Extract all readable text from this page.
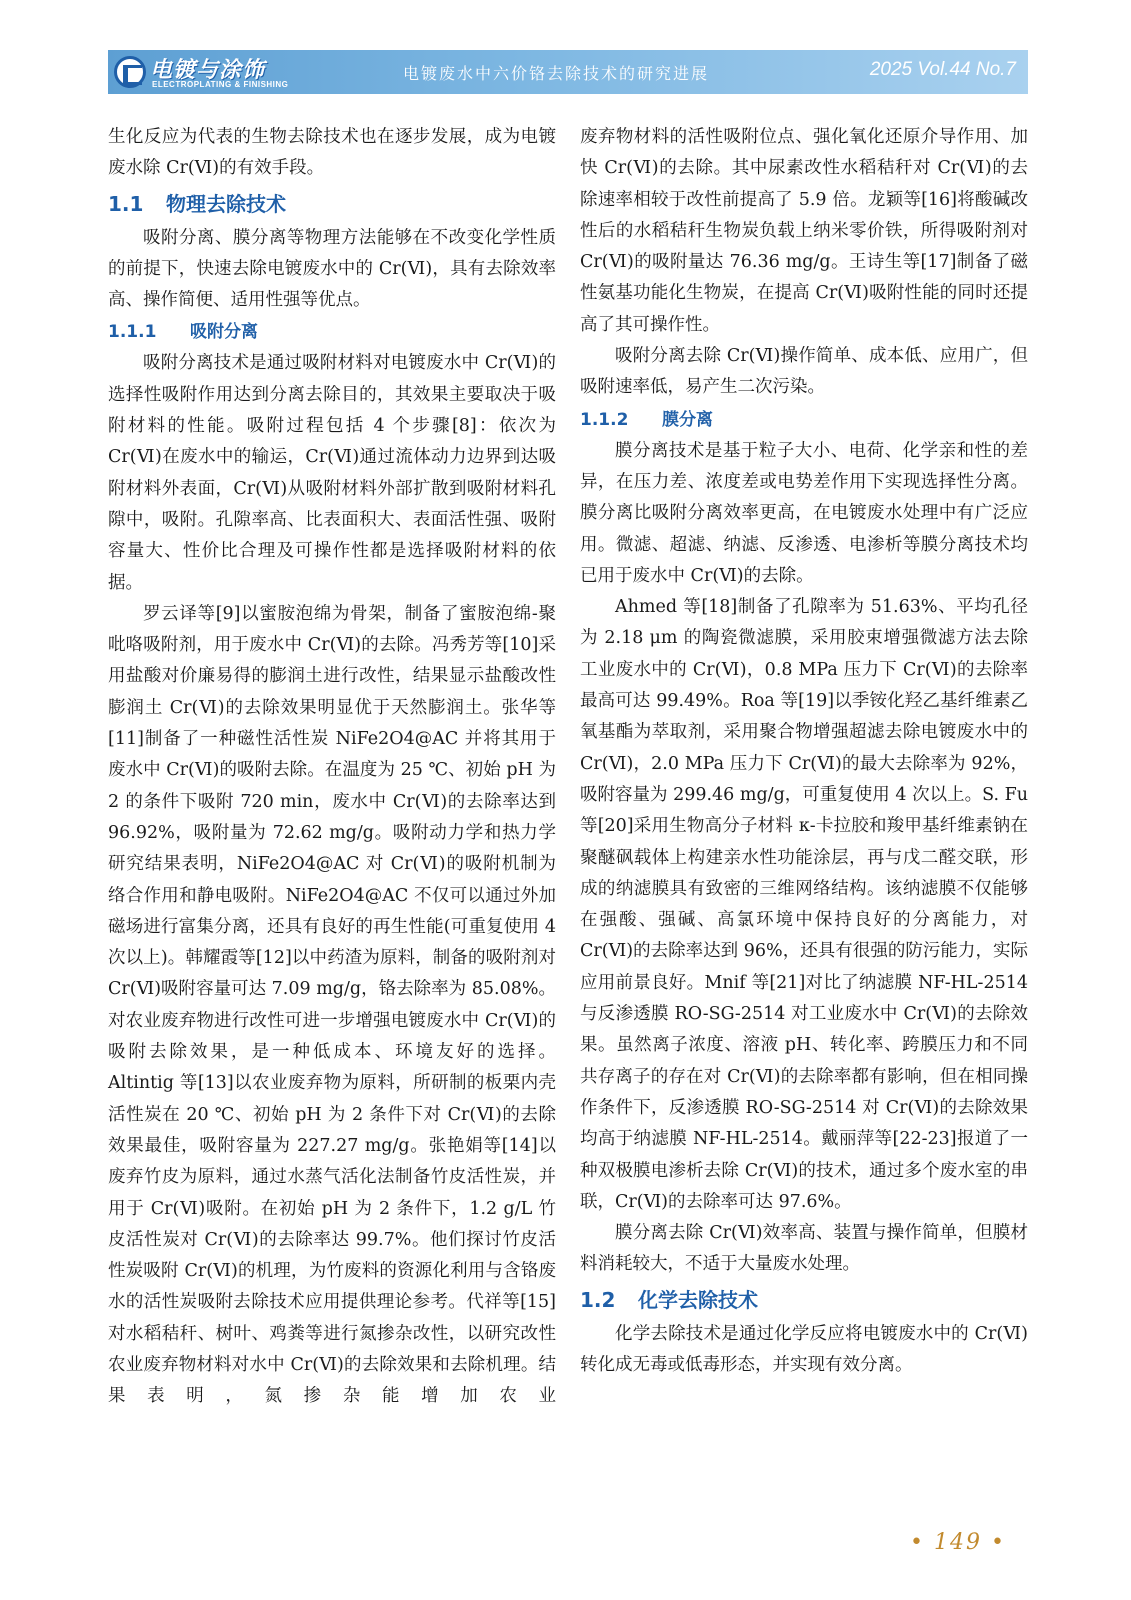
电镀与涂饰
ELECTROPLATING & FINISHING
电镀废水中六价铬去除技术的研究进展	2025 Vol.44 No.7

生化反应为代表的生物去除技术也在逐步发展，成为电镀废水除 Cr(Ⅵ)的有效手段。

1.1 物理去除技术

吸附分离、膜分离等物理方法能够在不改变化学性质的前提下，快速去除电镀废水中的 Cr(Ⅵ)，具有去除效率高、操作简便、适用性强等优点。

1.1.1 吸附分离

吸附分离技术是通过吸附材料对电镀废水中 Cr(Ⅵ)的选择性吸附作用达到分离去除目的，其效果主要取决于吸附材料的性能。吸附过程包括 4 个步骤[8]：依次为 Cr(Ⅵ)在废水中的输运，Cr(Ⅵ)通过流体动力边界到达吸附材料外表面，Cr(Ⅵ)从吸附材料外部扩散到吸附材料孔隙中，吸附。孔隙率高、比表面积大、表面活性强、吸附容量大、性价比合理及可操作性都是选择吸附材料的依据。

罗云译等[9]以蜜胺泡绵为骨架，制备了蜜胺泡绵-聚吡咯吸附剂，用于废水中 Cr(Ⅵ)的去除。冯秀芳等[10]采用盐酸对价廉易得的膨润土进行改性，结果显示盐酸改性膨润土 Cr(Ⅵ)的去除效果明显优于天然膨润土。张华等[11]制备了一种磁性活性炭 NiFe2O4@AC 并将其用于废水中 Cr(Ⅵ)的吸附去除。在温度为 25 ℃、初始 pH 为 2 的条件下吸附 720 min，废水中 Cr(Ⅵ)的去除率达到 96.92%，吸附量为 72.62 mg/g。吸附动力学和热力学研究结果表明，NiFe2O4@AC 对 Cr(Ⅵ)的吸附机制为络合作用和静电吸附。NiFe2O4@AC 不仅可以通过外加磁场进行富集分离，还具有良好的再生性能(可重复使用 4 次以上)。韩耀霞等[12]以中药渣为原料，制备的吸附剂对 Cr(Ⅵ)吸附容量可达 7.09 mg/g，铬去除率为 85.08%。对农业废弃物进行改性可进一步增强电镀废水中 Cr(Ⅵ)的吸附去除效果，是一种低成本、环境友好的选择。Altintig 等[13]以农业废弃物为原料，所研制的板栗内壳活性炭在 20 ℃、初始 pH 为 2 条件下对 Cr(Ⅵ)的去除效果最佳，吸附容量为 227.27 mg/g。张艳娟等[14]以废弃竹皮为原料，通过水蒸气活化法制备竹皮活性炭，并用于 Cr(Ⅵ)吸附。在初始 pH 为 2 条件下，1.2 g/L 竹皮活性炭对 Cr(Ⅵ)的去除率达 99.7%。他们探讨竹皮活性炭吸附 Cr(Ⅵ)的机理，为竹废料的资源化利用与含铬废水的活性炭吸附去除技术应用提供理论参考。代祥等[15]对水稻秸秆、树叶、鸡粪等进行氮掺杂改性，以研究改性农业废弃物材料对水中 Cr(Ⅵ)的去除效果和去除机理。结果表明，氮掺杂能增加农业

废弃物材料的活性吸附位点、强化氧化还原介导作用、加快 Cr(Ⅵ)的去除。其中尿素改性水稻秸秆对 Cr(Ⅵ)的去除速率相较于改性前提高了 5.9 倍。龙颖等[16]将酸碱改性后的水稻秸秆生物炭负载上纳米零价铁，所得吸附剂对 Cr(Ⅵ)的吸附量达 76.36 mg/g。王诗生等[17]制备了磁性氨基功能化生物炭，在提高 Cr(Ⅵ)吸附性能的同时还提高了其可操作性。

吸附分离去除 Cr(Ⅵ)操作简单、成本低、应用广，但吸附速率低，易产生二次污染。

1.1.2 膜分离

膜分离技术是基于粒子大小、电荷、化学亲和性的差异，在压力差、浓度差或电势差作用下实现选择性分离。膜分离比吸附分离效率更高，在电镀废水处理中有广泛应用。微滤、超滤、纳滤、反渗透、电渗析等膜分离技术均已用于废水中 Cr(Ⅵ)的去除。

Ahmed 等[18]制备了孔隙率为 51.63%、平均孔径为 2.18 μm 的陶瓷微滤膜，采用胶束增强微滤方法去除工业废水中的 Cr(Ⅵ)，0.8 MPa 压力下 Cr(Ⅵ)的去除率最高可达 99.49%。Roa 等[19]以季铵化羟乙基纤维素乙氧基酯为萃取剂，采用聚合物增强超滤去除电镀废水中的 Cr(Ⅵ)，2.0 MPa 压力下 Cr(Ⅵ)的最大去除率为 92%，吸附容量为 299.46 mg/g，可重复使用 4 次以上。S. Fu 等[20]采用生物高分子材料 κ-卡拉胶和羧甲基纤维素钠在聚醚砜载体上构建亲水性功能涂层，再与戊二醛交联，形成的纳滤膜具有致密的三维网络结构。该纳滤膜不仅能够在强酸、强碱、高氯环境中保持良好的分离能力，对 Cr(Ⅵ)的去除率达到 96%，还具有很强的防污能力，实际应用前景良好。Mnif 等[21]对比了纳滤膜 NF-HL-2514 与反渗透膜 RO-SG-2514 对工业废水中 Cr(Ⅵ)的去除效果。虽然离子浓度、溶液 pH、转化率、跨膜压力和不同共存离子的存在对 Cr(Ⅵ)的去除率都有影响，但在相同操作条件下，反渗透膜 RO-SG-2514 对 Cr(Ⅵ)的去除效果均高于纳滤膜 NF-HL-2514。戴丽萍等[22-23]报道了一种双极膜电渗析去除 Cr(Ⅵ)的技术，通过多个废水室的串联，Cr(Ⅵ)的去除率可达 97.6%。

膜分离去除 Cr(Ⅵ)效率高、装置与操作简单，但膜材料消耗较大，不适于大量废水处理。

1.2 化学去除技术

化学去除技术是通过化学反应将电镀废水中的 Cr(Ⅵ)转化成无毒或低毒形态，并实现有效分离。

• 149 •
